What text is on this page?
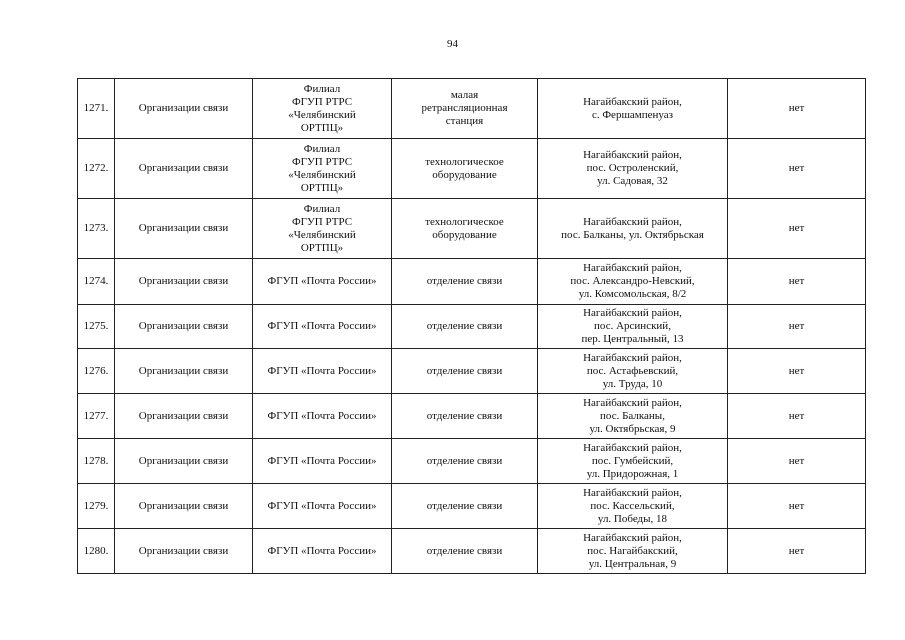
94
1271.	Организации связи	Филиал
ФГУП РТРС
«Челябинский
ОРТПЦ»	малая
ретрансляционная
станция	Нагайбакский район,
с. Фершампенуаз	нет
1272.	Организации связи	Филиал
ФГУП РТРС
«Челябинский
ОРТПЦ»	технологическое
оборудование	Нагайбакский район,
пос. Остроленский,
ул. Садовая, 32	нет
1273.	Организации связи	Филиал
ФГУП РТРС
«Челябинский
ОРТПЦ»	технологическое
оборудование	Нагайбакский район,
пос. Балканы, ул. Октябрьская	нет
1274.	Организации связи	ФГУП «Почта России»	отделение связи	Нагайбакский район,
пос. Александро-Невский,
ул. Комсомольская, 8/2	нет
1275.	Организации связи	ФГУП «Почта России»	отделение связи	Нагайбакский район,
пос. Арсинский,
пер. Центральный, 13	нет
1276.	Организации связи	ФГУП «Почта России»	отделение связи	Нагайбакский район,
пос. Астафьевский,
ул. Труда, 10	нет
1277.	Организации связи	ФГУП «Почта России»	отделение связи	Нагайбакский район,
пос. Балканы,
ул. Октябрьская, 9	нет
1278.	Организации связи	ФГУП «Почта России»	отделение связи	Нагайбакский район,
пос. Гумбейский,
ул. Придорожная, 1	нет
1279.	Организации связи	ФГУП «Почта России»	отделение связи	Нагайбакский район,
пос. Кассельский,
ул. Победы, 18	нет
1280.	Организации связи	ФГУП «Почта России»	отделение связи	Нагайбакский район,
пос. Нагайбакский,
ул. Центральная, 9	нет
